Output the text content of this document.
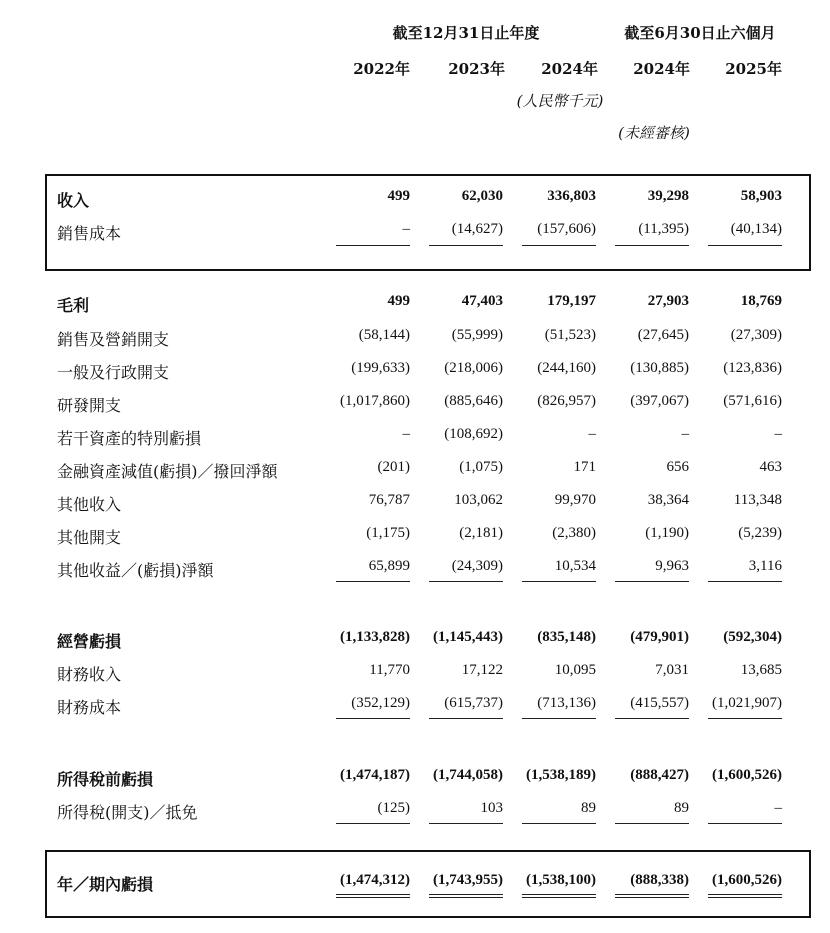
截至12月31日止年度	截至6月30日止六個月
2022年	2023年	2024年	2024年	2025年
(人民幣千元)
(未經審核)
收入	499	62,030	336,803	39,298	58,903
銷售成本	–	(14,627)	(157,606)	(11,395)	(40,134)
毛利	499	47,403	179,197	27,903	18,769
銷售及營銷開支	(58,144)	(55,999)	(51,523)	(27,645)	(27,309)
一般及行政開支	(199,633)	(218,006)	(244,160)	(130,885)	(123,836)
研發開支	(1,017,860)	(885,646)	(826,957)	(397,067)	(571,616)
若干資產的特別虧損	–	(108,692)	–	–	–
金融資產減值(虧損)／撥回淨額	(201)	(1,075)	171	656	463
其他收入	76,787	103,062	99,970	38,364	113,348
其他開支	(1,175)	(2,181)	(2,380)	(1,190)	(5,239)
其他收益／(虧損)淨額	65,899	(24,309)	10,534	9,963	3,116
經營虧損	(1,133,828)	(1,145,443)	(835,148)	(479,901)	(592,304)
財務收入	11,770	17,122	10,095	7,031	13,685
財務成本	(352,129)	(615,737)	(713,136)	(415,557)	(1,021,907)
所得稅前虧損	(1,474,187)	(1,744,058)	(1,538,189)	(888,427)	(1,600,526)
所得稅(開支)／抵免	(125)	103	89	89	–
年／期內虧損	(1,474,312)	(1,743,955)	(1,538,100)	(888,338)	(1,600,526)
